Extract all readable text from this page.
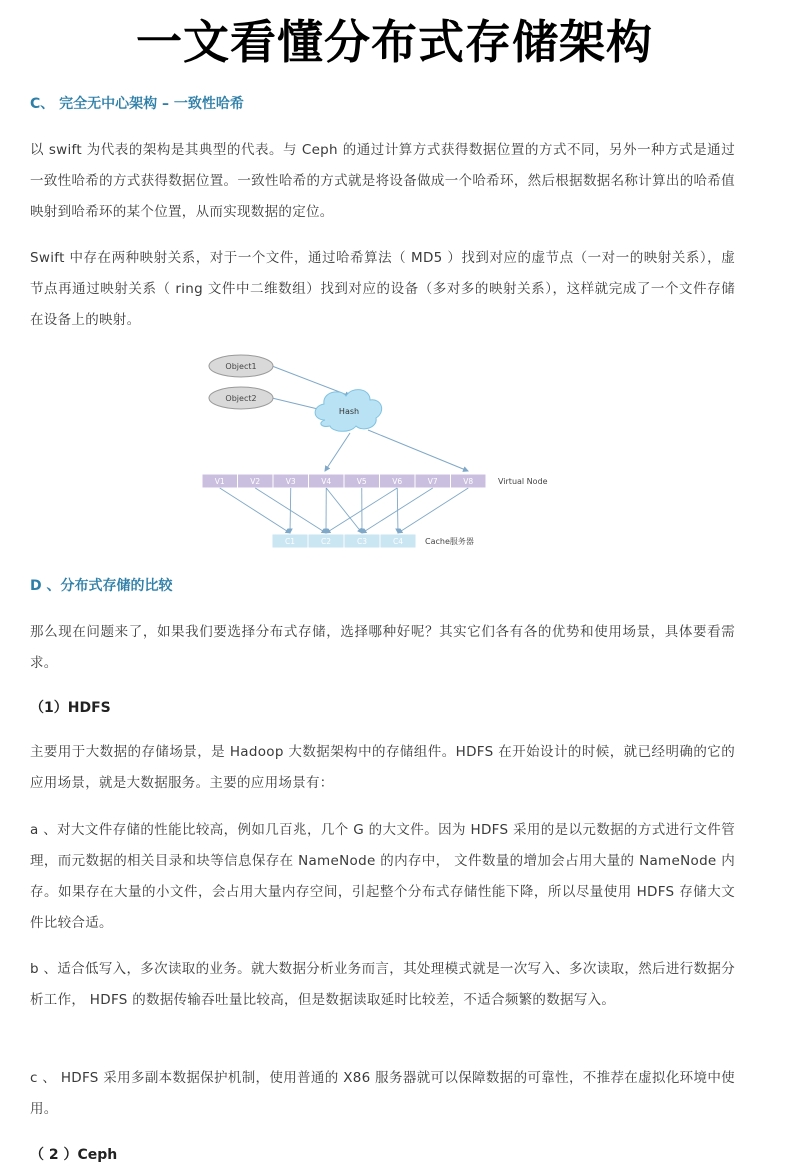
一文看懂分布式存储架构
C、 完全无中心架构 – 一致性哈希
以 swift 为代表的架构是其典型的代表。与 Ceph 的通过计算方式获得数据位置的方式不同，另外一种方式是通过一致性哈希的方式获得数据位置。一致性哈希的方式就是将设备做成一个哈希环，然后根据数据名称计算出的哈希值映射到哈希环的某个位置，从而实现数据的定位。
Swift 中存在两种映射关系，对于一个文件，通过哈希算法（ MD5 ）找到对应的虚节点（一对一的映射关系），虚节点再通过映射关系（ ring 文件中二维数组）找到对应的设备（多对多的映射关系），这样就完成了一个文件存储在设备上的映射。
Object1
Object2
Hash
V1	V2	V3	V4	V5	V6	V7	V8	Virtual Node
C1	C2	C3	C4	Cache服务器
D 、分布式存储的比较
那么现在问题来了，如果我们要选择分布式存储，选择哪种好呢？其实它们各有各的优势和使用场景，具体要看需求。
（1）HDFS
主要用于大数据的存储场景，是 Hadoop 大数据架构中的存储组件。HDFS 在开始设计的时候，就已经明确的它的应用场景，就是大数据服务。主要的应用场景有：
a 、对大文件存储的性能比较高，例如几百兆，几个 G 的大文件。因为 HDFS 采用的是以元数据的方式进行文件管理，而元数据的相关目录和块等信息保存在 NameNode 的内存中， 文件数量的增加会占用大量的 NameNode 内存。如果存在大量的小文件，会占用大量内存空间，引起整个分布式存储性能下降，所以尽量使用 HDFS 存储大文件比较合适。
b 、适合低写入，多次读取的业务。就大数据分析业务而言，其处理模式就是一次写入、多次读取，然后进行数据分析工作， HDFS 的数据传输吞吐量比较高，但是数据读取延时比较差，不适合频繁的数据写入。
c 、 HDFS 采用多副本数据保护机制，使用普通的 X86 服务器就可以保障数据的可靠性，不推荐在虚拟化环境中使用。
（ 2 ）Ceph
